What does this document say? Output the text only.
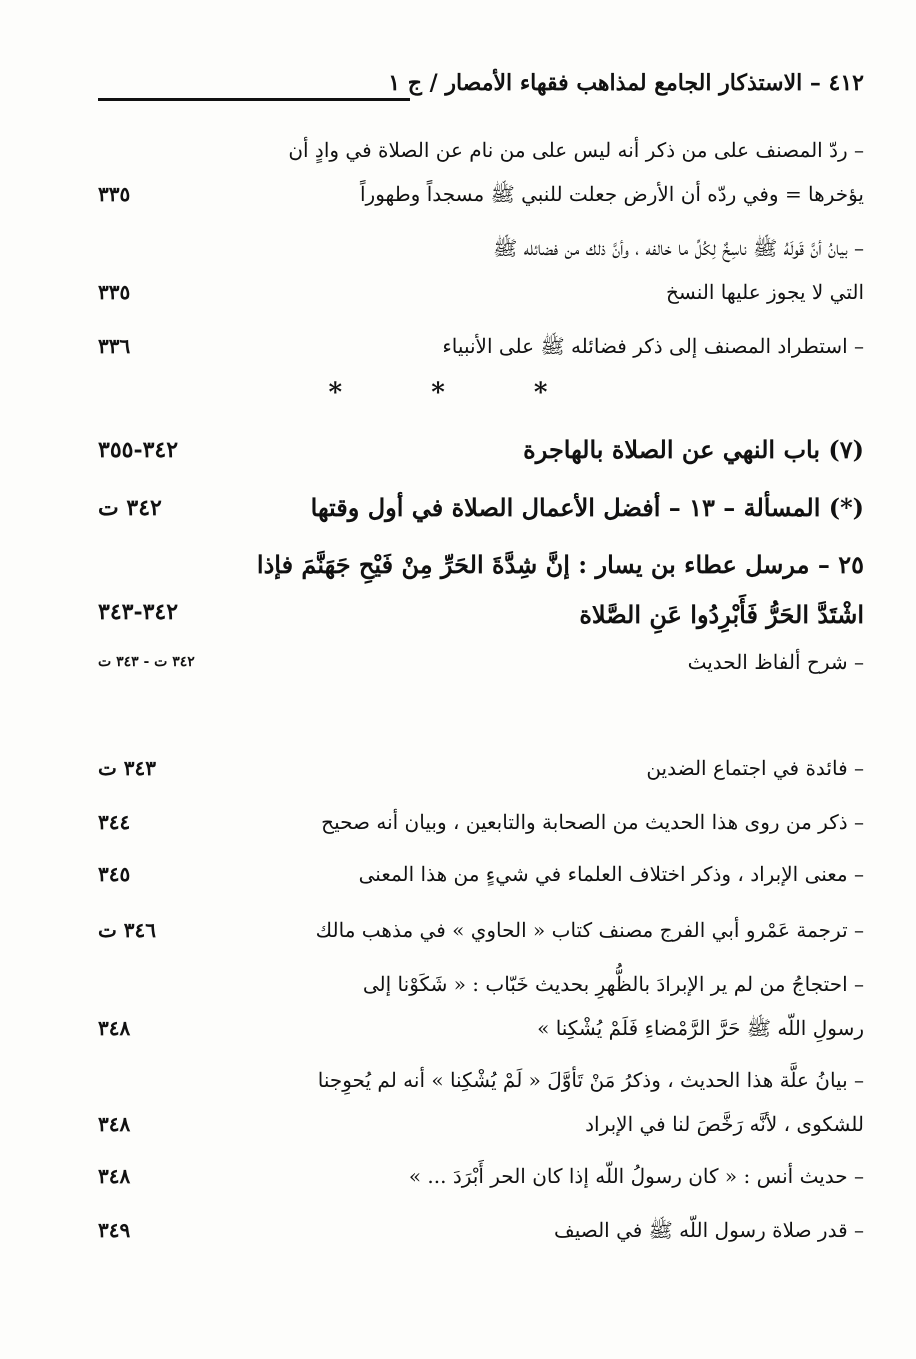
٤١٢ – الاستذكار الجامع لمذاهب فقهاء الأمصار / ج ١
– ردّ المصنف على من ذكر أنه ليس على من نام عن الصلاة في وادٍ أن
يؤخرها = وفي ردّه أن الأرض جعلت للنبي ﷺ مسجداً وطهوراً
٣٣٥
– بيانُ أنَّ قَولَهُ ﷺ ناسِخٌ لِكُلِّ ما خالفه ، وأنَّ ذلك من فضائله ﷺ
التي لا يجوز عليها النسخ
٣٣٥
– استطراد المصنف إلى ذكر فضائله ﷺ على الأنبياء
٣٣٦
* * *
(٧) باب النهي عن الصلاة بالهاجرة
٣٤٢-٣٥٥
(*) المسألة – ١٣ – أفضل الأعمال الصلاة في أول وقتها
٣٤٢ ت
٢٥ – مرسل عطاء بن يسار : إنَّ شِدَّةَ الحَرِّ مِنْ فَيْحِ جَهَنَّمَ فإذا
اشْتَدَّ الحَرُّ فَأَبْرِدُوا عَنِ الصَّلاة
٣٤٢-٣٤٣
– شرح ألفاظ الحديث
٣٤٢ ت - ٣٤٣ ت
– فائدة في اجتماع الضدين
٣٤٣ ت
– ذكر من روى هذا الحديث من الصحابة والتابعين ، وبيان أنه صحيح
٣٤٤
– معنى الإبراد ، وذكر اختلاف العلماء في شيءٍ من هذا المعنى
٣٤٥
– ترجمة عَمْرو أبي الفرج مصنف كتاب « الحاوي » في مذهب مالك
٣٤٦ ت
– احتجاجُ من لم ير الإبرادَ بالظُّهرِ بحديث خَبّاب : « شَكَوْنا إلى
رسولِ اللّه ﷺ حَرَّ الرَّمْضاءِ فَلَمْ يُشْكِنا »
٣٤٨
– بيانُ علَّة هذا الحديث ، وذكرُ مَنْ تَأوَّلَ « لَمْ يُشْكِنا » أنه لم يُحوِجنا
للشكوى ، لأنَّه رَخَّصَ لنا في الإبراد
٣٤٨
– حديث أنس : « كان رسولُ اللّه إذا كان الحر أَبْرَدَ ... »
٣٤٨
– قدر صلاة رسول اللّه ﷺ في الصيف
٣٤٩
